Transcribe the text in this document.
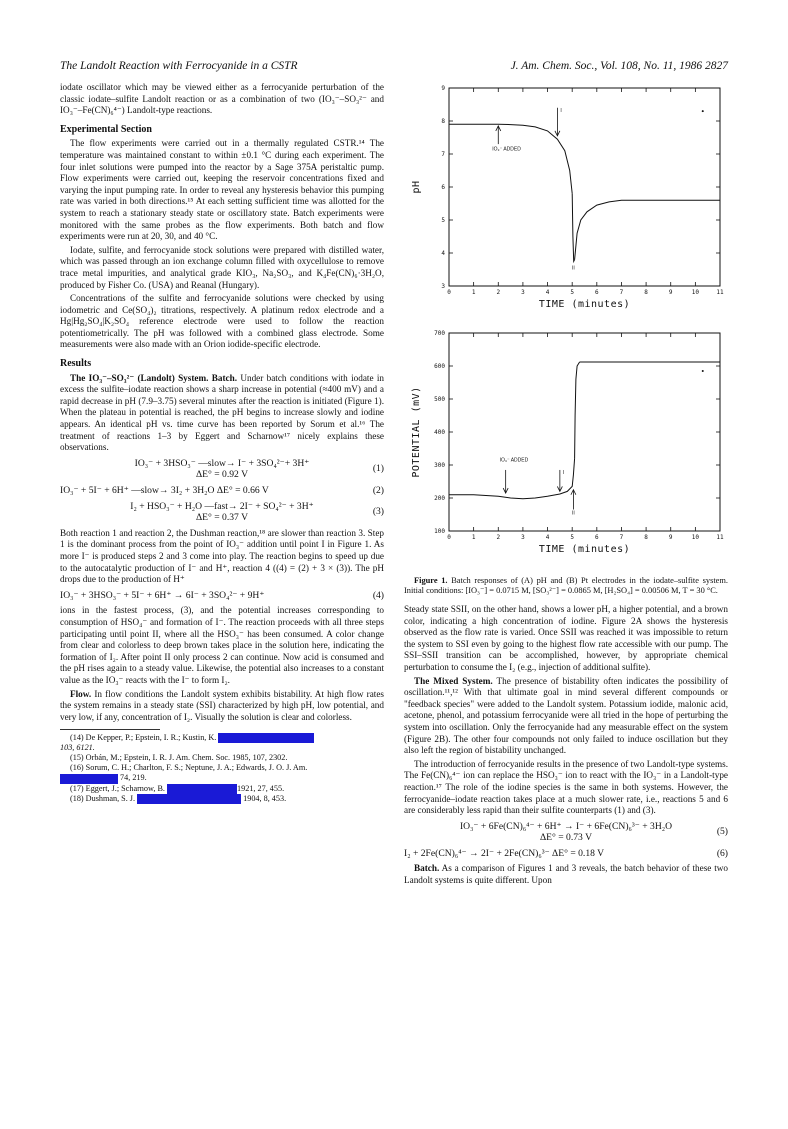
The Landolt Reaction with Ferrocyanide in a CSTR	J. Am. Chem. Soc., Vol. 108, No. 11, 1986 2827

iodate oscillator which may be viewed either as a ferrocyanide perturbation of the classic iodate–sulfite Landolt reaction or as a combination of two (IO₃⁻–SO₃²⁻ and IO₃⁻–Fe(CN)₆⁴⁻) Landolt-type reactions.

Experimental Section

The flow experiments were carried out in a thermally regulated CSTR.¹⁴ The temperature was maintained constant to within ±0.1 °C during each experiment. The four inlet solutions were pumped into the reactor by a Sage 375A peristaltic pump. Flow experiments were carried out, keeping the reservoir concentrations fixed and varying the input pumping rate. In order to reveal any hysteresis behavior this pumping rate was varied in both directions.¹⁵ At each setting sufficient time was allotted for the system to reach a stationary steady state or oscillatory state. Batch experiments were monitored with the same probes as the flow experiments. Both batch and flow experiments were run at 20, 30, and 40 °C.

Iodate, sulfite, and ferrocyanide stock solutions were prepared with distilled water, which was passed through an ion exchange column filled with oxycellulose to remove trace metal impurities, and analytical grade KIO₃, Na₂SO₃, and K₄Fe(CN)₆·3H₂O, produced by Fisher Co. (USA) and Reanal (Hungary).

Concentrations of the sulfite and ferrocyanide solutions were checked by using iodometric and Ce(SO₄)₂ titrations, respectively. A platinum redox electrode and a Hg|Hg₂SO₄|K₂SO₄ reference electrode were used to follow the reaction potentiometrically. The pH was followed with a combined glass electrode. Some measurements were also made with an Orion iodide-specific electrode.

Results

The IO₃⁻–SO₃²⁻ (Landolt) System. Batch. Under batch conditions with iodate in excess the sulfite–iodate reaction shows a sharp increase in potential (≈400 mV) and a rapid decrease in pH (7.9–3.75) several minutes after the reaction is initiated (Figure 1). When the plateau in potential is reached, the pH begins to increase slowly and iodine appears. An identical pH vs. time curve has been reported by Sorum et al.¹⁶ The treatment of reactions 1–3 by Eggert and Scharnow¹⁷ nicely explains these observations.

IO₃⁻ + 3HSO₃⁻ —slow→ I⁻ + 3SO₄²⁻+ 3H⁺
ΔE° = 0.92 V
(1)
IO₃⁻ + 5I⁻ + 6H⁺ —slow→ 3I₂ + 3H₂O ΔE° = 0.66 V	(2)
I₂ + HSO₃⁻ + H₂O —fast→ 2I⁻ + SO₄²⁻ + 3H⁺
ΔE° = 0.37 V
(3)

Both reaction 1 and reaction 2, the Dushman reaction,¹⁸ are slower than reaction 3. Step 1 is the dominant process from the point of IO₃⁻ addition until point I in Figure 1. As more I⁻ is produced steps 2 and 3 come into play. The reaction begins to speed up due to the autocatalytic production of I⁻ and H⁺, reaction 4 ((4) = (2) + 3 × (3)). The pH drops due to the production of H⁺

IO₃⁻ + 3HSO₃⁻ + 5I⁻ + 6H⁺ → 6I⁻ + 3SO₄²⁻ + 9H⁺	(4)

ions in the fastest process, (3), and the potential increases corresponding to consumption of HSO₄⁻ and formation of I⁻. The reaction proceeds with all three steps participating until point II, where all the HSO₃⁻ has been consumed. A color change from clear and colorless to deep brown takes place in the solution here, indicating the formation of I₂. After point II only process 2 can continue. Now acid is consumed and the pH rises again to a steady value. Likewise, the potential also increases to a constant value as the IO₃⁻ reacts with the I⁻ to form I₂.

Flow. In flow conditions the Landolt system exhibits bistability. At high flow rates the system remains in a steady state (SSI) characterized by high pH, low potential, and very low, if any, concentration of I₂. Visually the solution is clear and colorless.

(14) De Kepper, P.; Epstein, I. R.; Kustin, K.
103, 6121.

(15) Orbán, M.; Epstein, I. R. J. Am. Chem. Soc. 1985, 107, 2302.

(16) Sorum, C. H.; Charlton, F. S.; Neptune, J. A.; Edwards, J. O. J. Am.
74, 219.

(17) Eggert, J.; Scharnow, B.	1921, 27, 455.

(18) Dushman, S. J.	1904, 8, 453.

0	1	2	3	4	5	6	7	8	9	10	11
3
4
5
6
7
8
9
TIME (minutes)
pH
IO₃⁻ ADDED
I
II
0	1	2	3	4	5	6	7	8	9	10	11
100
200
300
400
500
600
700
TIME (minutes)
POTENTIAL (mV)	IO₃⁻ ADDED
I
II

Figure 1. Batch responses of (A) pH and (B) Pt electrodes in the iodate–sulfite system. Initial conditions: [IO₃⁻] = 0.0715 M, [SO₃²⁻] = 0.0865 M, [H₂SO₄] = 0.00506 M, T = 30 °C.

Steady state SSII, on the other hand, shows a lower pH, a higher potential, and a brown color, indicating a high concentration of iodine. Figure 2A shows the hysteresis observed as the flow rate is varied. Once SSII was reached it was impossible to return the system to SSI even by going to the highest flow rate accessible with our pump. The SSI–SSII transition can be accomplished, however, by appropriate chemical perturbation to consume the I₂ (e.g., injection of additional sulfite).

The Mixed System. The presence of bistability often indicates the possibility of oscillation.¹¹,¹² With that ultimate goal in mind several different compounds or "feedback species" were added to the Landolt system. Potassium iodide, malonic acid, acetone, phenol, and potassium ferrocyanide were all tried in the hope of perturbing the system into oscillation. Only the ferrocyanide had any measurable effect on the system (Figure 2B). The other four compounds not only failed to induce oscillation but they also left the region of bistability unchanged.

The introduction of ferrocyanide results in the presence of two Landolt-type systems. The Fe(CN)₆⁴⁻ ion can replace the HSO₃⁻ ion to react with the IO₃⁻ in a Landolt-type reaction.¹⁷ The role of the iodine species is the same in both systems. However, the ferrocyanide–iodate reaction takes place at a much slower rate, i.e., reactions 5 and 6 are considerably less rapid than their sulfite counterparts (1) and (3).

IO₃⁻ + 6Fe(CN)₆⁴⁻ + 6H⁺ → I⁻ + 6Fe(CN)₆³⁻ + 3H₂O
ΔE° = 0.73 V
(5)
I₂ + 2Fe(CN)₆⁴⁻ → 2I⁻ + 2Fe(CN)₆³⁻ ΔE° = 0.18 V	(6)

Batch. As a comparison of Figures 1 and 3 reveals, the batch behavior of these two Landolt systems is quite different. Upon
